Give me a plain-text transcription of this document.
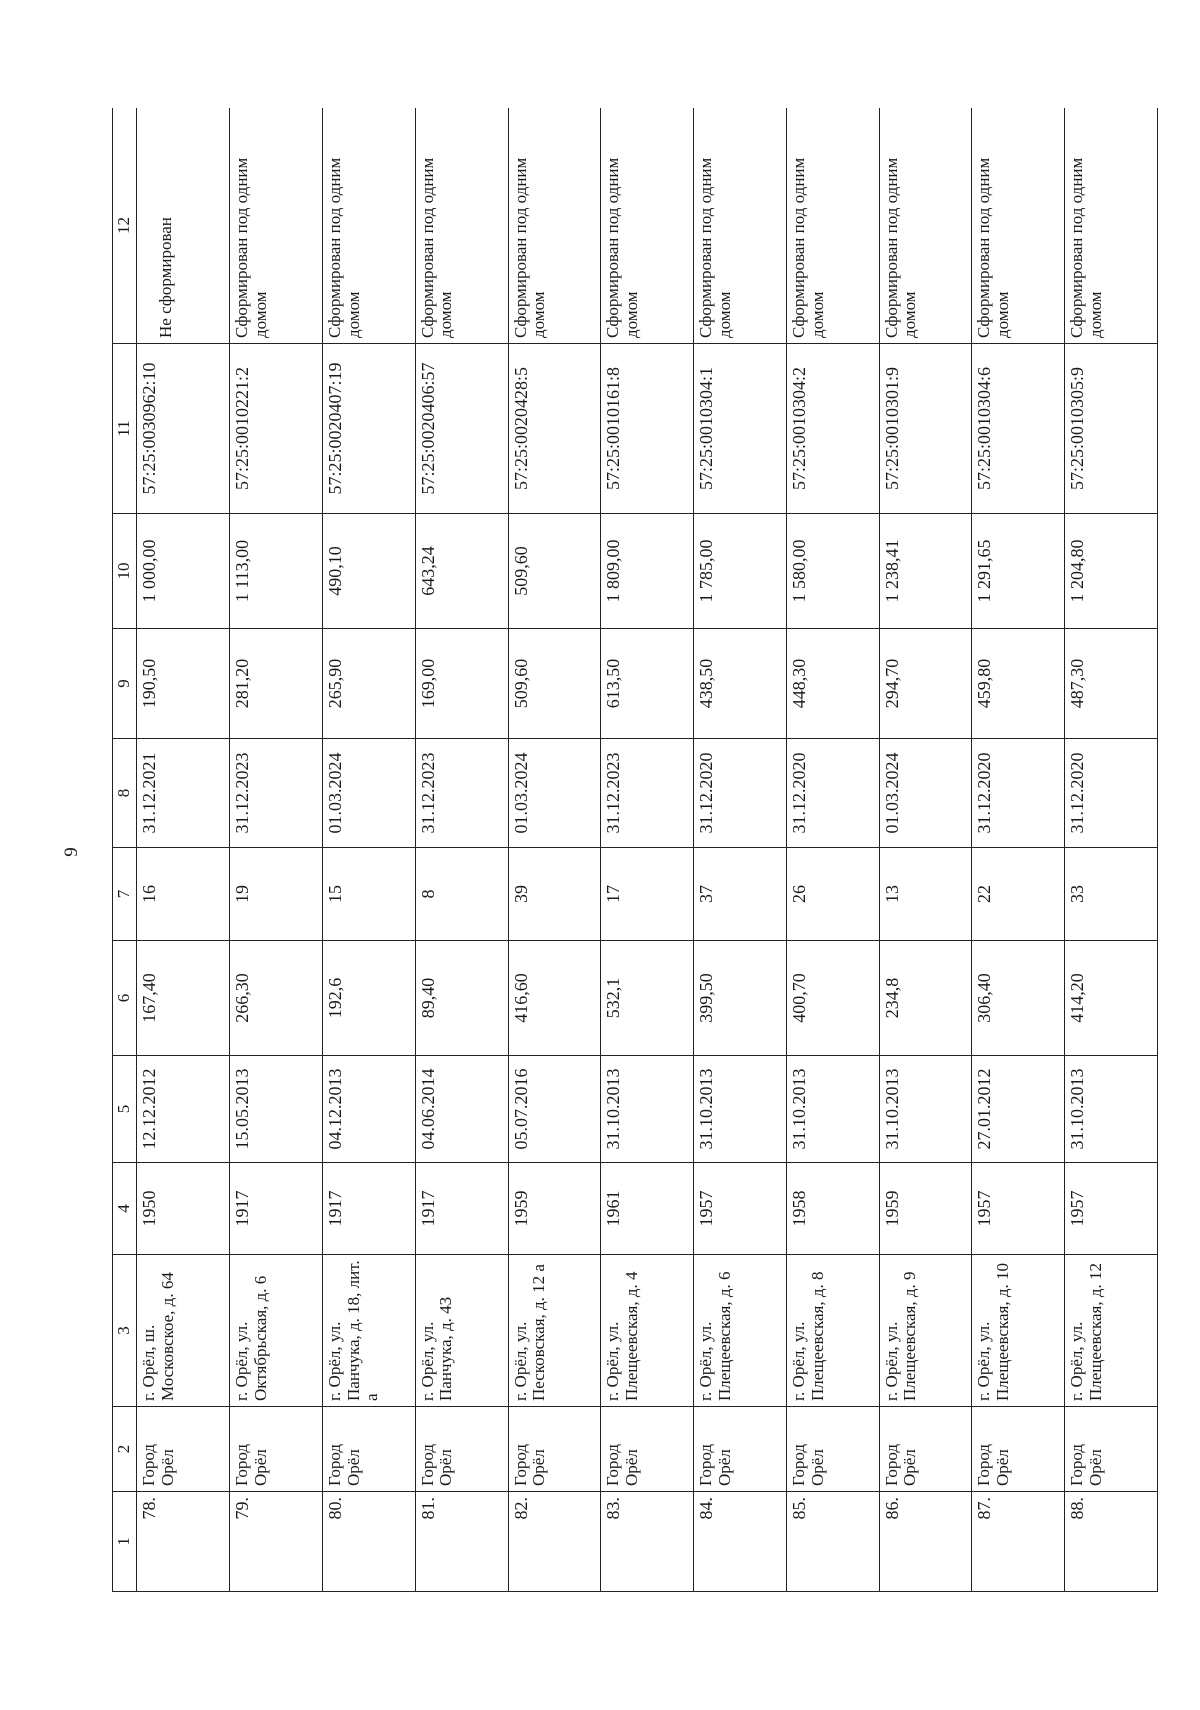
9
1	2	3	4	5	6	7	8	9	10	11	12
78.	Город Орёл	г. Орёл, ш. Московское, д. 64	1950	12.12.2012	167,40	16	31.12.2021	190,50	1 000,00	57:25:0030962:10	Не сформирован
79.	Город Орёл	г. Орёл, ул. Октябрьская, д. 6	1917	15.05.2013	266,30	19	31.12.2023	281,20	1 113,00	57:25:0010221:2	Сформирован под одним домом
80.	Город Орёл	г. Орёл, ул. Панчука, д. 18, лит. а	1917	04.12.2013	192,6	15	01.03.2024	265,90	490,10	57:25:0020407:19	Сформирован под одним домом
81.	Город Орёл	г. Орёл, ул. Панчука, д. 43	1917	04.06.2014	89,40	8	31.12.2023	169,00	643,24	57:25:0020406:57	Сформирован под одним домом
82.	Город Орёл	г. Орёл, ул. Песковская, д. 12 а	1959	05.07.2016	416,60	39	01.03.2024	509,60	509,60	57:25:0020428:5	Сформирован под одним домом
83.	Город Орёл	г. Орёл, ул. Плещеевская, д. 4	1961	31.10.2013	532,1	17	31.12.2023	613,50	1 809,00	57:25:0010161:8	Сформирован под одним домом
84.	Город Орёл	г. Орёл, ул. Плещеевская, д. 6	1957	31.10.2013	399,50	37	31.12.2020	438,50	1 785,00	57:25:0010304:1	Сформирован под одним домом
85.	Город Орёл	г. Орёл, ул. Плещеевская, д. 8	1958	31.10.2013	400,70	26	31.12.2020	448,30	1 580,00	57:25:0010304:2	Сформирован под одним домом
86.	Город Орёл	г. Орёл, ул. Плещеевская, д. 9	1959	31.10.2013	234,8	13	01.03.2024	294,70	1 238,41	57:25:0010301:9	Сформирован под одним домом
87.	Город Орёл	г. Орёл, ул. Плещеевская, д. 10	1957	27.01.2012	306,40	22	31.12.2020	459,80	1 291,65	57:25:0010304:6	Сформирован под одним домом
88.	Город Орёл	г. Орёл, ул. Плещеевская, д. 12	1957	31.10.2013	414,20	33	31.12.2020	487,30	1 204,80	57:25:0010305:9	Сформирован под одним домом
